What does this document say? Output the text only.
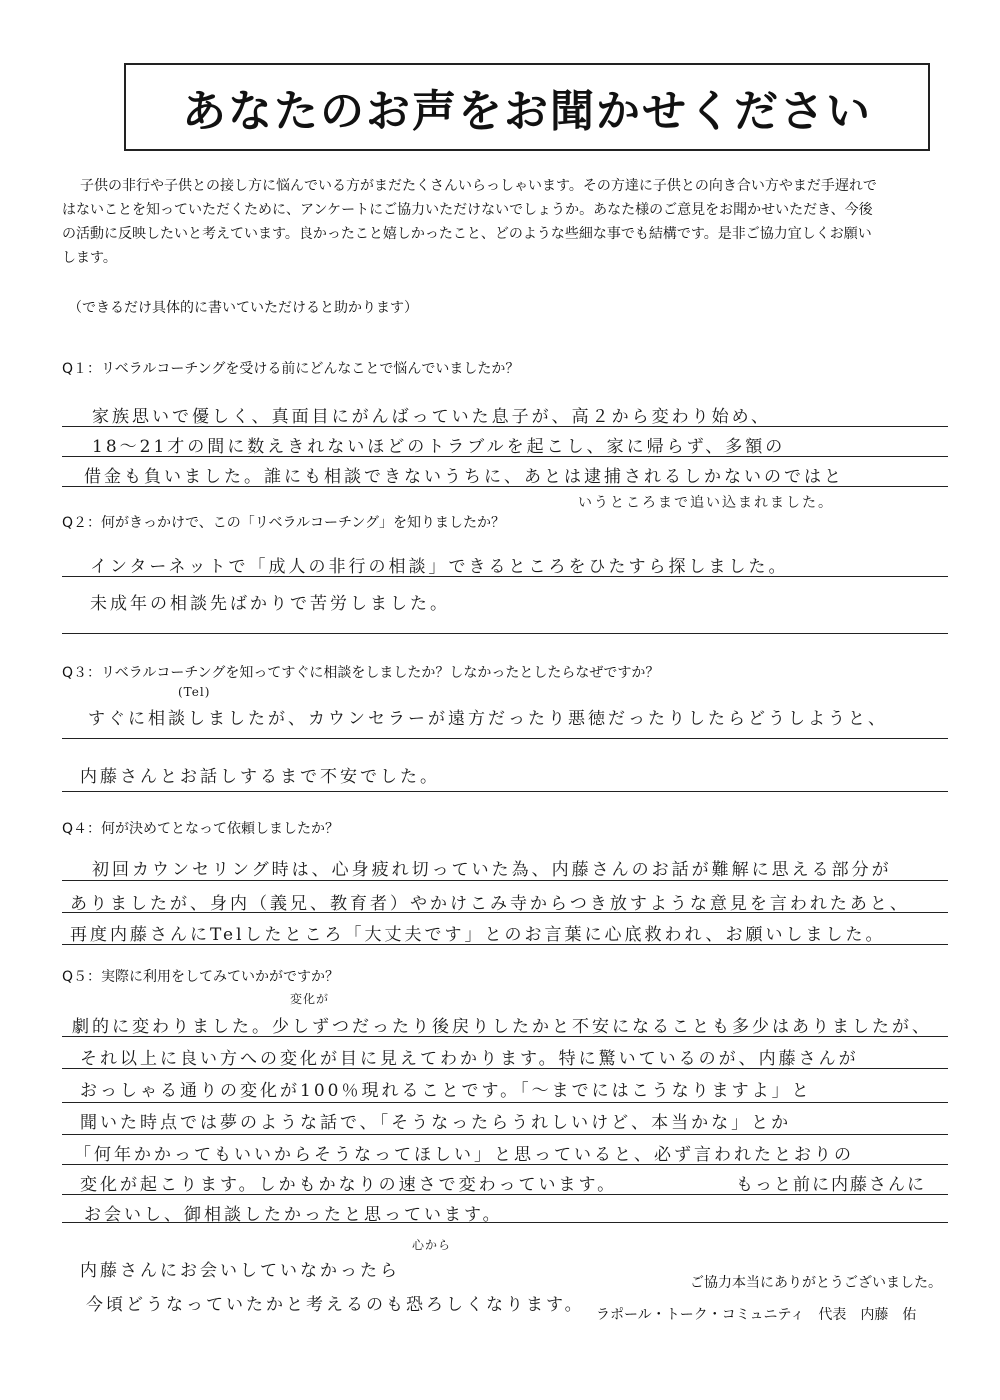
あなたのお声をお聞かせください
子供の非行や子供との接し方に悩んでいる方がまだたくさんいらっしゃいます。その方達に子供との向き合い方やまだ手遅れで
はないことを知っていただくために、アンケートにご協力いただけないでしょうか。あなた様のご意見をお聞かせいただき、今後
の活動に反映したいと考えています。良かったこと嬉しかったこと、どのような些細な事でも結構です。是非ご協力宜しくお願い
します。
（できるだけ具体的に書いていただけると助かります）
Q１：リベラルコーチングを受ける前にどんなことで悩んでいましたか？
家族思いで優しく、真面目にがんばっていた息子が、高２から変わり始め、
18～21才の間に数えきれないほどのトラブルを起こし、家に帰らず、多額の
借金も負いました。誰にも相談できないうちに、あとは逮捕されるしかないのではと
いうところまで追い込まれました。
Q２：何がきっかけで、この「リベラルコーチング」を知りましたか？
インターネットで「成人の非行の相談」できるところをひたすら探しました。
未成年の相談先ばかりで苦労しました。
Q３：リベラルコーチングを知ってすぐに相談をしましたか？しなかったとしたらなぜですか？
(Tel)
すぐに相談しましたが、カウンセラーが遠方だったり悪徳だったりしたらどうしようと、
内藤さんとお話しするまで不安でした。
Q４：何が決めてとなって依頼しましたか？
初回カウンセリング時は、心身疲れ切っていた為、内藤さんのお話が難解に思える部分が
ありましたが、身内（義兄、教育者）やかけこみ寺からつき放すような意見を言われたあと、
再度内藤さんにTelしたところ「大丈夫です」とのお言葉に心底救われ、お願いしました。
Q５：実際に利用をしてみていかがですか？
変化が
劇的に変わりました。少しずつだったり後戻りしたかと不安になることも多少はありましたが、
それ以上に良い方への変化が目に見えてわかります。特に驚いているのが、内藤さんが
おっしゃる通りの変化が100％現れることです。「～までにはこうなりますよ」と
聞いた時点では夢のような話で、「そうなったらうれしいけど、本当かな」とか
「何年かかってもいいからそうなってほしい」と思っていると、必ず言われたとおりの
変化が起こります。しかもかなりの速さで変わっています。	もっと前に内藤さんに
お会いし、御相談したかったと思っています。
心から
内藤さんにお会いしていなかったら
今頃どうなっていたかと考えるのも恐ろしくなります。
ご協力本当にありがとうございました。
ラポール・トーク・コミュニティ　代表　内藤　佑
